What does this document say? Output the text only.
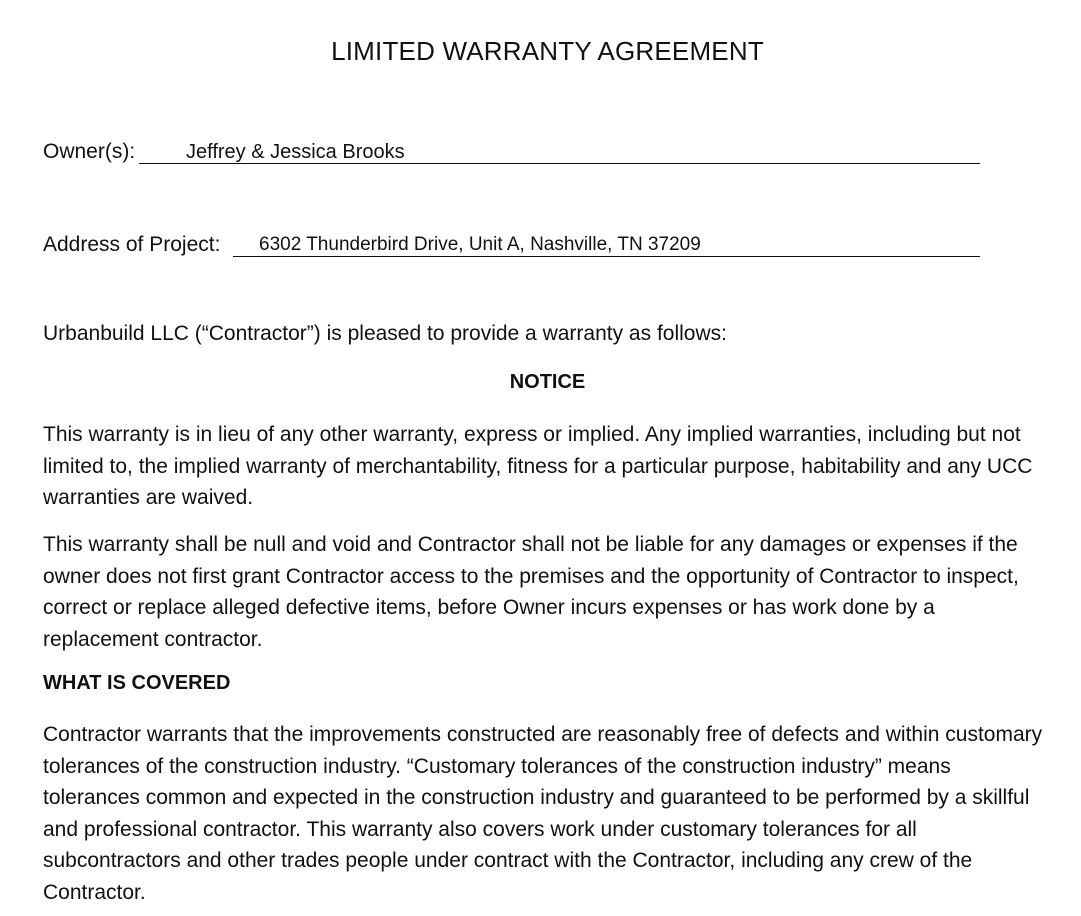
LIMITED WARRANTY AGREEMENT
Owner(s):	Jeffrey & Jessica Brooks
Address of Project: 6302 Thunderbird Drive, Unit A, Nashville, TN 37209
Urbanbuild LLC (“Contractor”) is pleased to provide a warranty as follows:
NOTICE

This warranty is in lieu of any other warranty, express or implied. Any implied warranties, including but not limited to, the implied warranty of merchantability, fitness for a particular purpose, habitability and any UCC warranties are waived.

This warranty shall be null and void and Contractor shall not be liable for any damages or expenses if the owner does not first grant Contractor access to the premises and the opportunity of Contractor to inspect, correct or replace alleged defective items, before Owner incurs expenses or has work done by a replacement contractor.

WHAT IS COVERED

Contractor warrants that the improvements constructed are reasonably free of defects and within customary tolerances of the construction industry. “Customary tolerances of the construction industry” means tolerances common and expected in the construction industry and guaranteed to be performed by a skillful and professional contractor. This warranty also covers work under customary tolerances for all subcontractors and other trades people under contract with the Contractor, including any crew of the Contractor.
